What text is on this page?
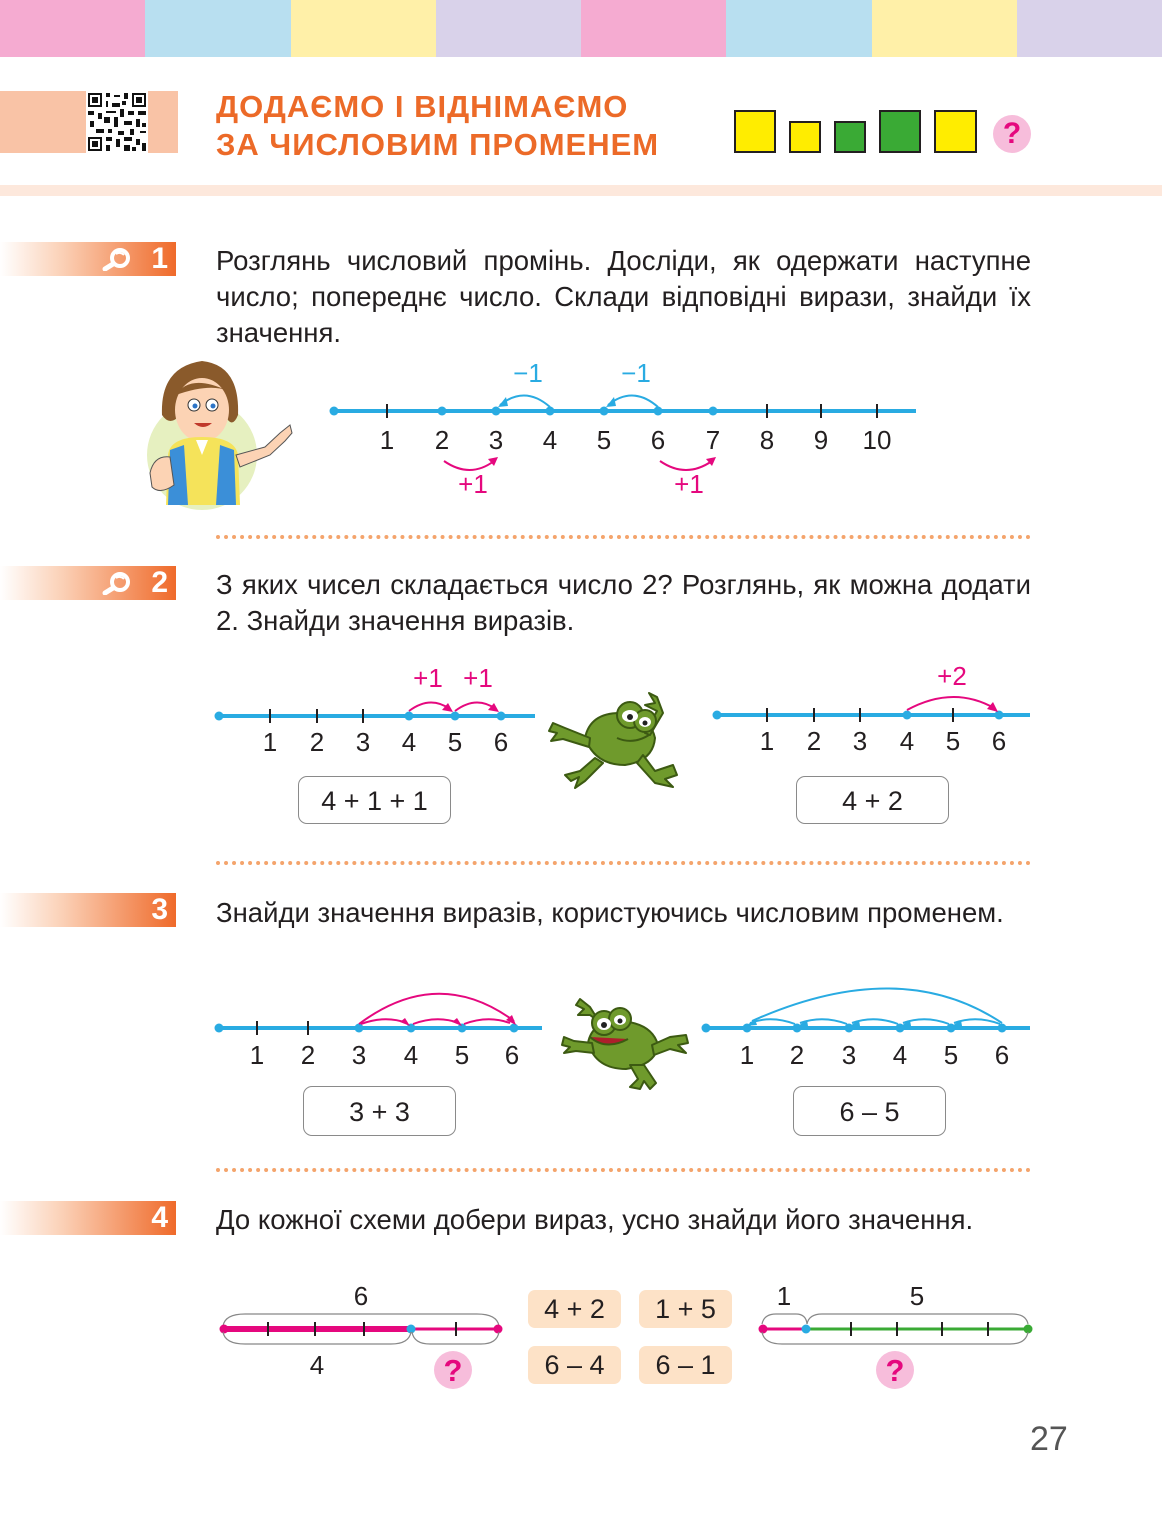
ДОДАЄМО І ВІДНІМАЄМО
ЗА ЧИСЛОВИМ ПРОМЕНЕМ	?
1 Розглянь числовий промінь. Досліди, як одержати наступне число; попереднє число. Склади відповідні вирази, знайди їх значення.
1 2 3 4 5 6 7 8 9 10
−1	−1
+1	+1
2 З яких чисел складається число 2? Розглянь, як можна додати 2. Знайди значення виразів.
1 2 3 4 5 6
+1 +1
1 2 3 4 5 6
+2
4 + 1 + 1	4 + 2
3 Знайди значення виразів, користуючись числовим променем.
1 2 3 4 5 6	1 2 3 4 5 6
3 + 3	6 – 5
4 До кожної схеми добери вираз, усно знайди його значення.
6
4	?
4 + 2	1 + 5
6 – 4	6 – 1
1	5
?
27
